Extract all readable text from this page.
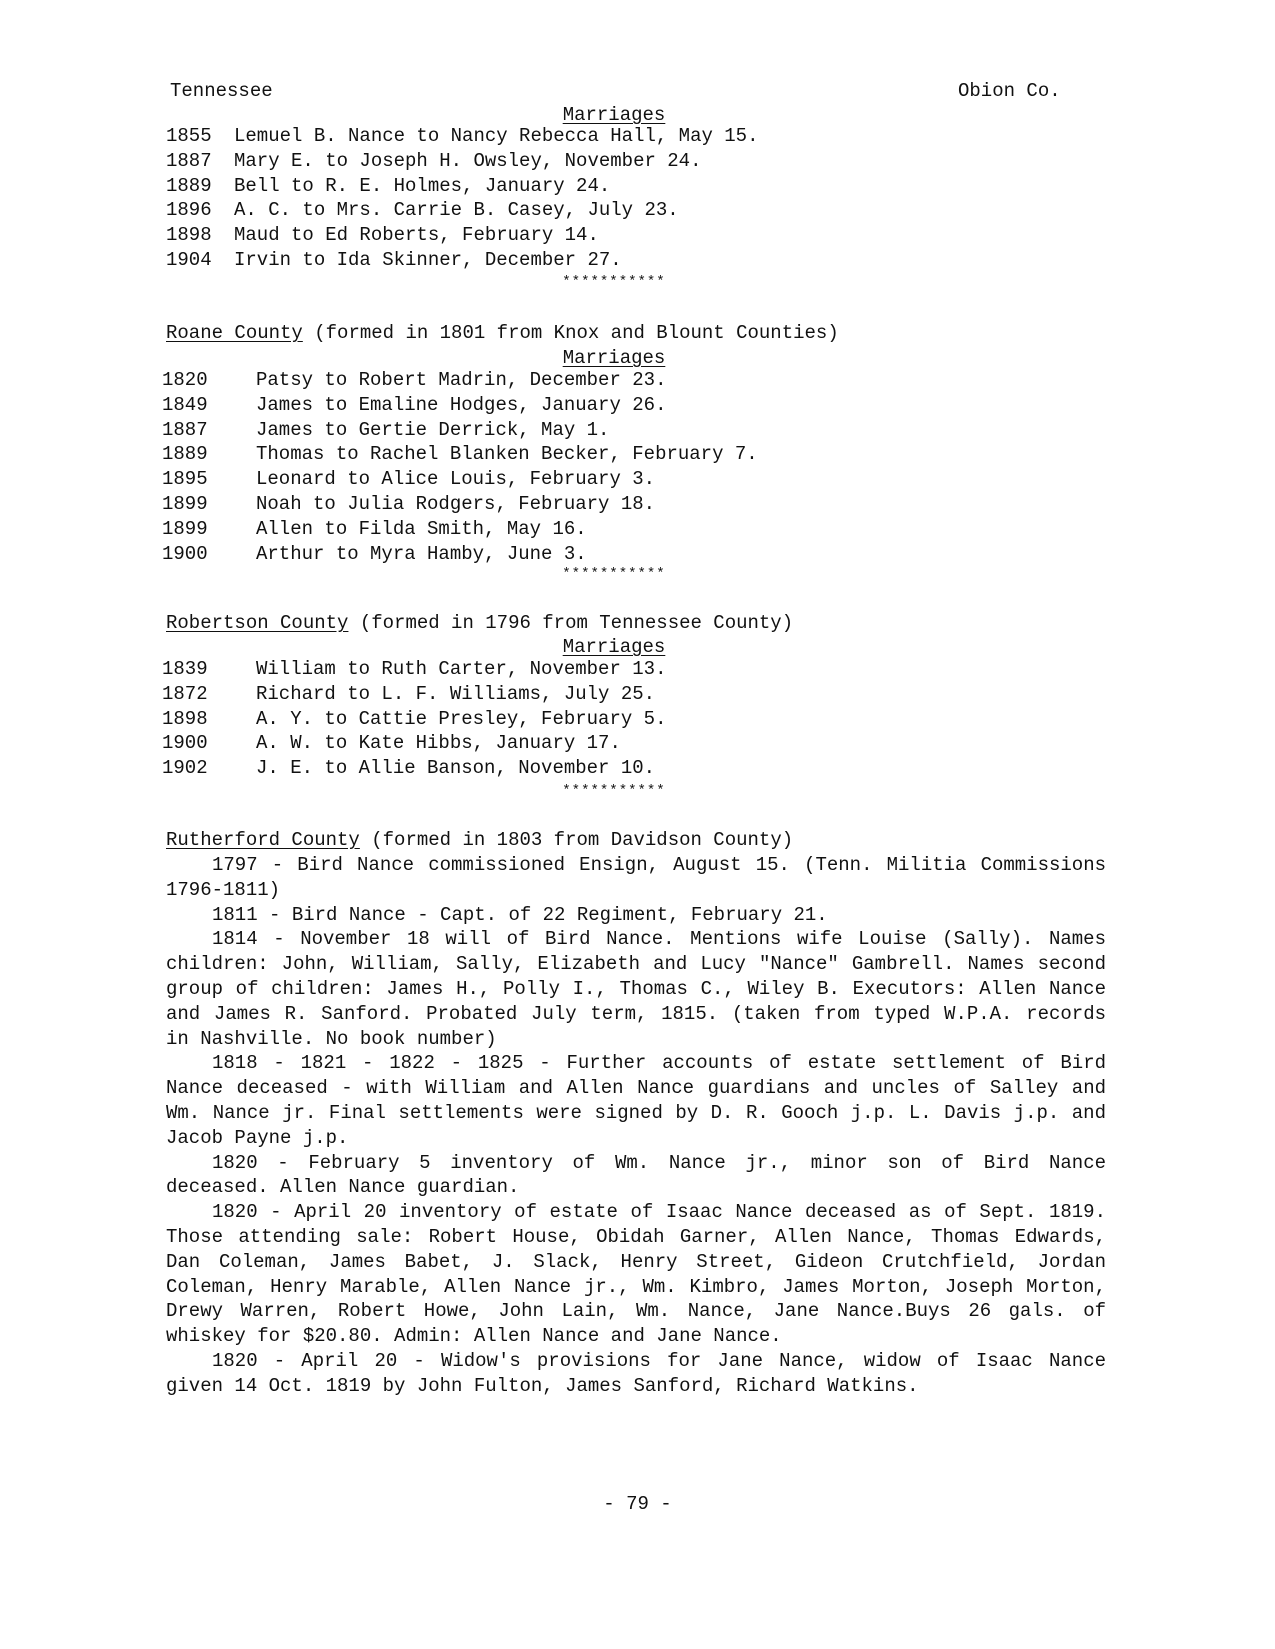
Tennessee	Obion Co.
Marriages
1855 Lemuel B. Nance to Nancy Rebecca Hall, May 15.
1887 Mary E. to Joseph H. Owsley, November 24.
1889 Bell to R. E. Holmes, January 24.
1896 A. C. to Mrs. Carrie B. Casey, July 23.
1898 Maud to Ed Roberts, February 14.
1904 Irvin to Ida Skinner, December 27.
***********
Roane County (formed in 1801 from Knox and Blount Counties)
Marriages
1820	Patsy to Robert Madrin, December 23.
1849	James to Emaline Hodges, January 26.
1887	James to Gertie Derrick, May 1.
1889	Thomas to Rachel Blanken Becker, February 7.
1895	Leonard to Alice Louis, February 3.
1899	Noah to Julia Rodgers, February 18.
1899	Allen to Filda Smith, May 16.
1900	Arthur to Myra Hamby, June 3.
***********
Robertson County (formed in 1796 from Tennessee County)
Marriages
1839	William to Ruth Carter, November 13.
1872	Richard to L. F. Williams, July 25.
1898	A. Y. to Cattie Presley, February 5.
1900	A. W. to Kate Hibbs, January 17.
1902	J. E. to Allie Banson, November 10.
***********
Rutherford County (formed in 1803 from Davidson County)

1797 - Bird Nance commissioned Ensign, August 15. (Tenn. Militia Commissions 1796-1811)

1811 - Bird Nance - Capt. of 22 Regiment, February 21.

1814 - November 18 will of Bird Nance. Mentions wife Louise (Sally). Names children: John, William, Sally, Elizabeth and Lucy "Nance" Gambrell. Names second group of children: James H., Polly I., Thomas C., Wiley B. Executors: Allen Nance and James R. Sanford. Probated July term, 1815. (taken from typed W.P.A. records in Nashville. No book number)

1818 - 1821 - 1822 - 1825 - Further accounts of estate settlement of Bird Nance deceased - with William and Allen Nance guardians and uncles of Salley and Wm. Nance jr. Final settlements were signed by D. R. Gooch j.p. L. Davis j.p. and Jacob Payne j.p.

1820 - February 5 inventory of Wm. Nance jr., minor son of Bird Nance deceased. Allen Nance guardian.

1820 - April 20 inventory of estate of Isaac Nance deceased as of Sept. 1819. Those attending sale: Robert House, Obidah Garner, Allen Nance, Thomas Edwards, Dan Coleman, James Babet, J. Slack, Henry Street, Gideon Crutchfield, Jordan Coleman, Henry Marable, Allen Nance jr., Wm. Kimbro, James Morton, Joseph Morton, Drewy Warren, Robert Howe, John Lain, Wm. Nance, Jane Nance.Buys 26 gals. of whiskey for $20.80. Admin: Allen Nance and Jane Nance.

1820 - April 20 - Widow's provisions for Jane Nance, widow of Isaac Nance given 14 Oct. 1819 by John Fulton, James Sanford, Richard Watkins.

- 79 -
